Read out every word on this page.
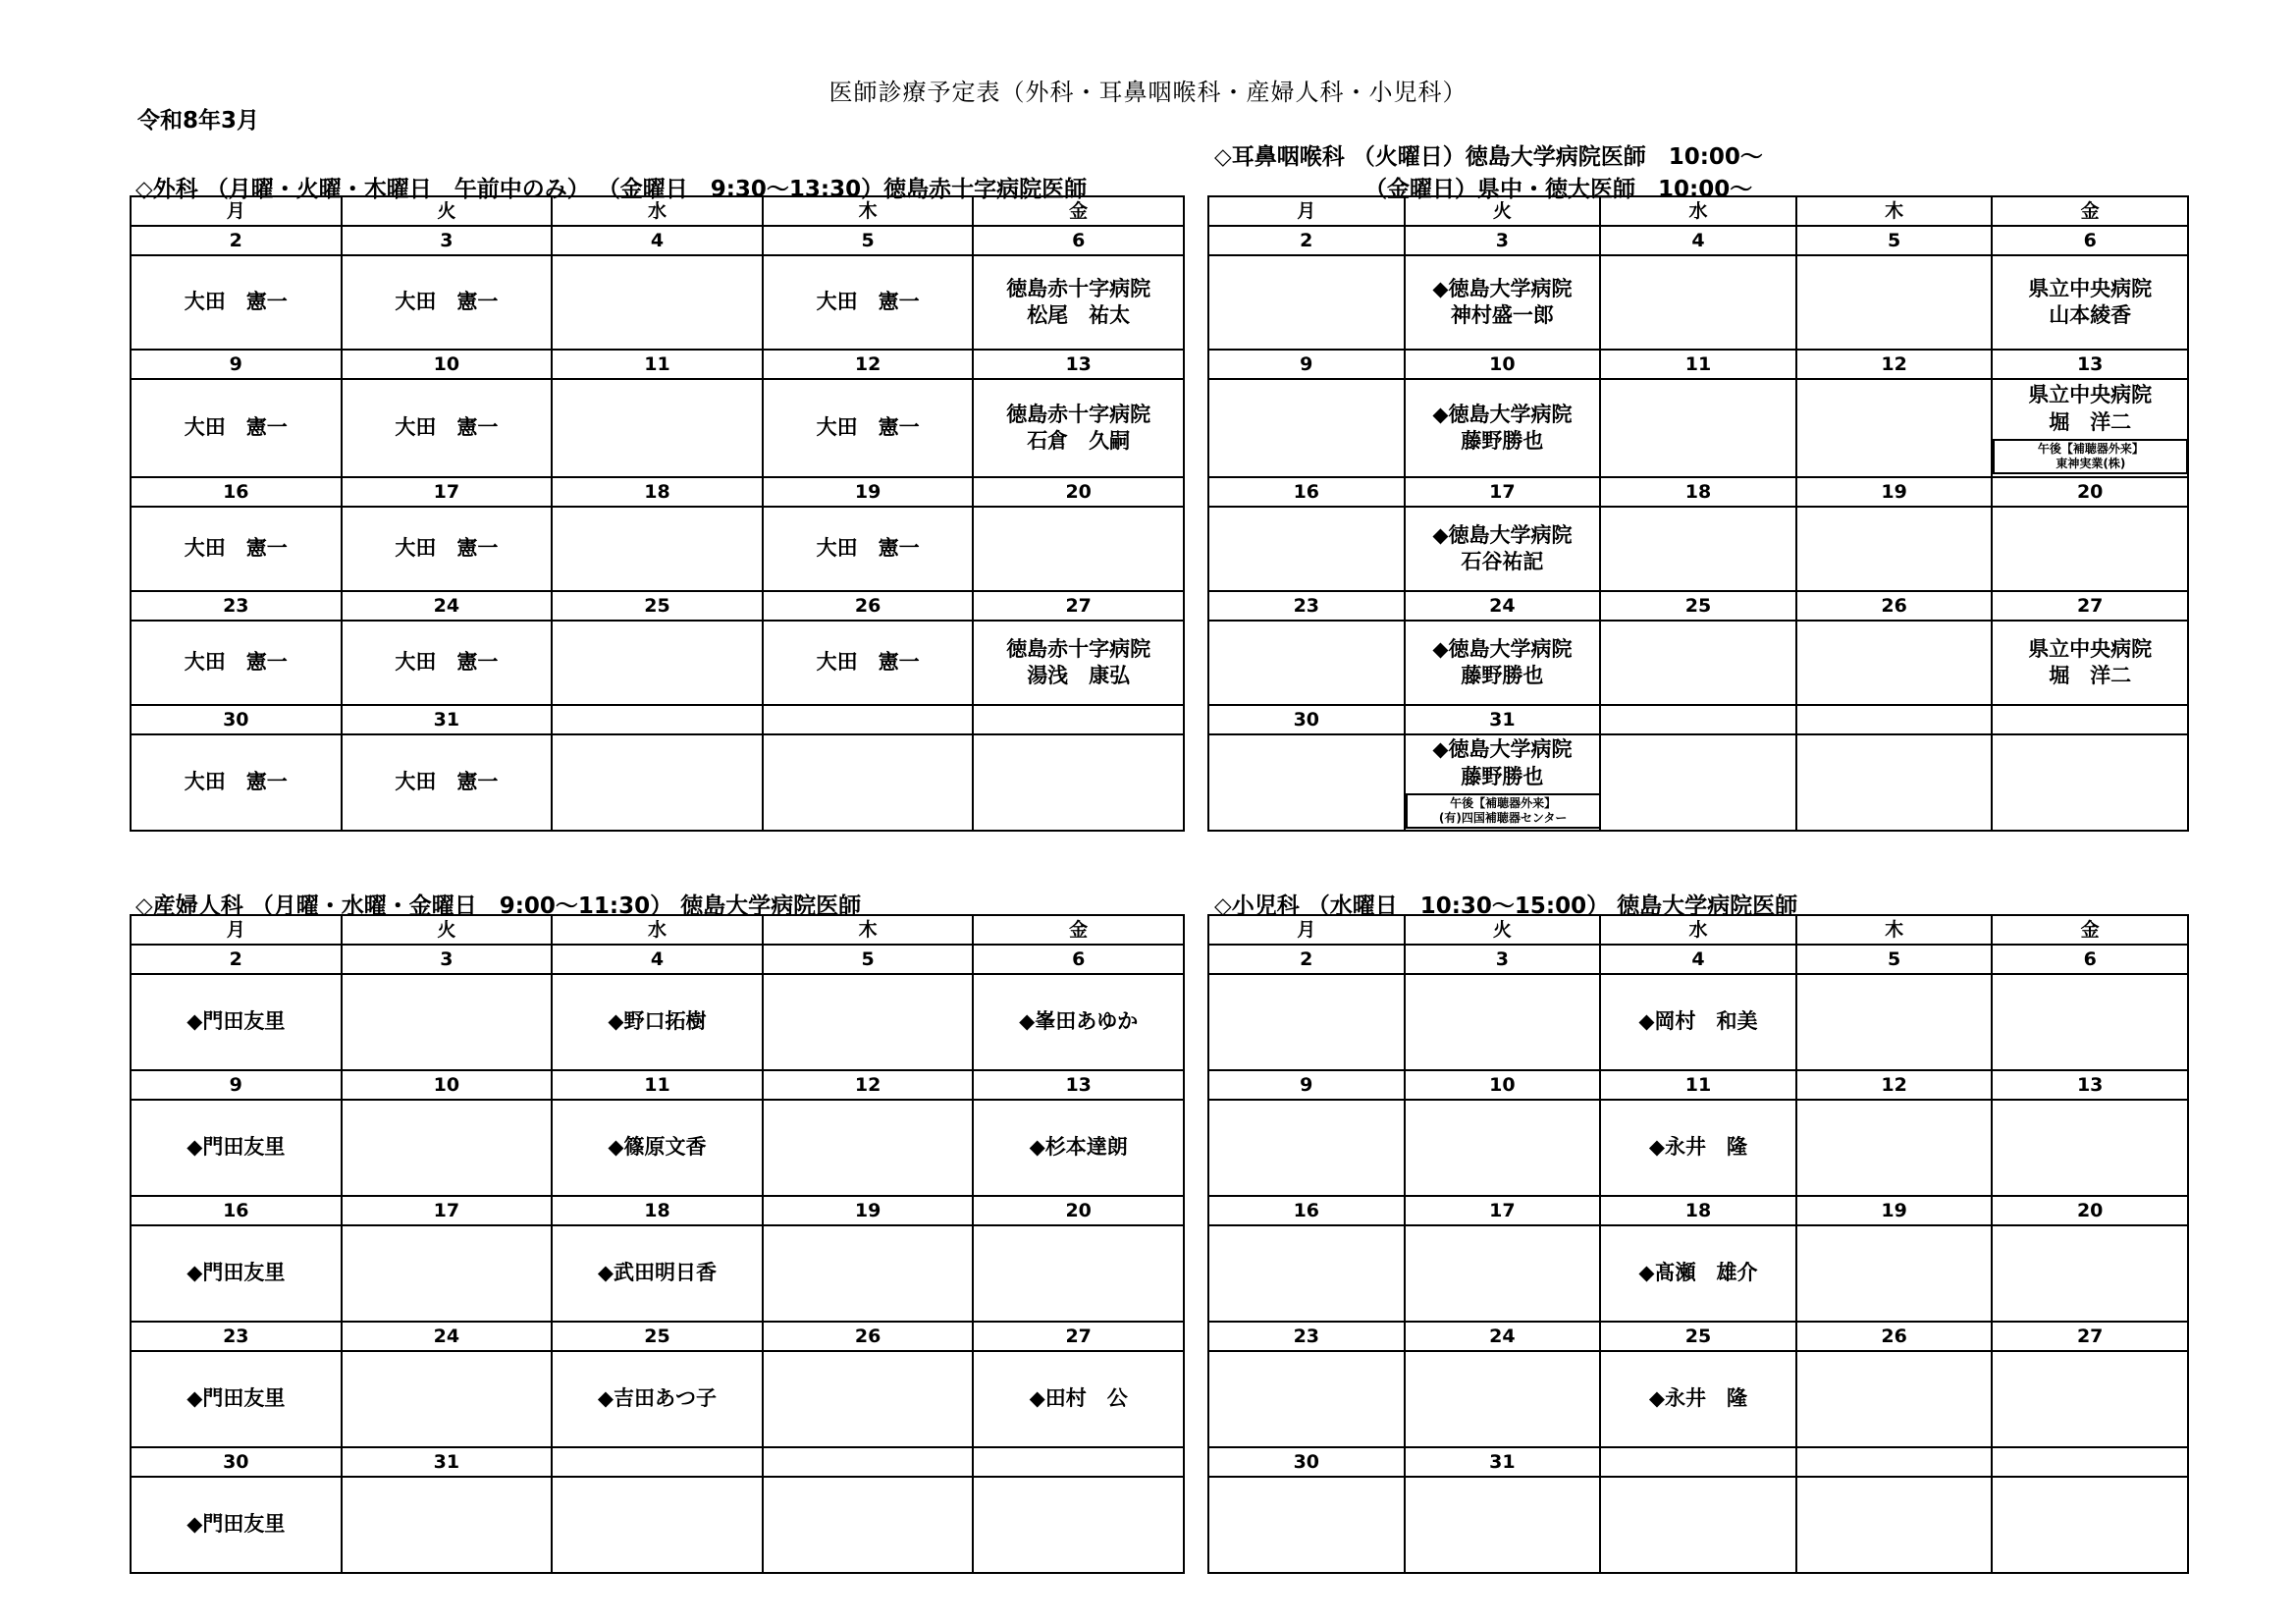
医師診療予定表（外科・耳鼻咽喉科・産婦人科・小児科）
令和8年3月
◇外科 （月曜・火曜・木曜日　午前中のみ） （金曜日　9:30～13:30）徳島赤十字病院医師
◇耳鼻咽喉科 （火曜日）徳島大学病院医師　10:00～
（金曜日）県中・徳大医師　10:00～
◇産婦人科 （月曜・水曜・金曜日　9:00～11:30） 徳島大学病院医師	◇小児科 （水曜日　10:30～15:00） 徳島大学病院医師
月	火	水	木	金
2	3	4	5	6

大田　憲一	大田　憲一		大田　憲一	徳島赤十字病院
松尾　祐太

9	10	11	12	13

大田　憲一	大田　憲一		大田　憲一	徳島赤十字病院
石倉　久嗣

16	17	18	19	20

大田　憲一	大田　憲一		大田　憲一	

23	24	25	26	27

大田　憲一	大田　憲一		大田　憲一	徳島赤十字病院
湯浅　康弘

30	31			

大田　憲一	大田　憲一			

月	火	水	木	金
2	3	4	5	6

	◆徳島大学病院
神村盛一郎			県立中央病院
山本綾香

9	10	11	12	13

	◆徳島大学病院
藤野勝也			県立中央病院
堀　洋二
午後【補聴器外来】
東神実業(株)

16	17	18	19	20

	◆徳島大学病院
石谷祐記			

23	24	25	26	27

	◆徳島大学病院
藤野勝也			県立中央病院
堀　洋二

30	31			

	◆徳島大学病院
藤野勝也
午後【補聴器外来】
(有)四国補聴器センター			

月	火	水	木	金
2	3	4	5	6

◆門田友里		◆野口拓樹		◆峯田あゆか

9	10	11	12	13

◆門田友里		◆篠原文香		◆杉本達朗

16	17	18	19	20

◆門田友里		◆武田明日香		

23	24	25	26	27

◆門田友里		◆吉田あつ子		◆田村　公

30	31			

◆門田友里				

月	火	水	木	金
2	3	4	5	6

		◆岡村　和美		

9	10	11	12	13

		◆永井　隆		

16	17	18	19	20

		◆髙瀬　雄介		

23	24	25	26	27

		◆永井　隆		

30	31			
